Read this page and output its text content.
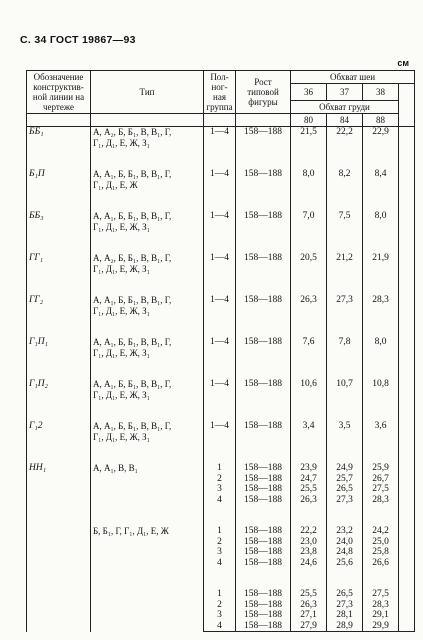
С. 34 ГОСТ 19867—93
см
Обозначение конструктив-ной линии на чертеже	Тип	Пол-ног-ная группа	Рост типовой фигуры	Обхват шеи			
				36	37	38	
				Обхват груди			
				80	84	88	
ББ₁	А, А₂, Б, Б₁, В, В₁, Г,
Г₁, Д₁, Е, Ж, З₁	1—4	158—188	21,5	22,2	22,9	

Б₁П	А, А₁, Б, Б₁, В, В₁, Г,
Г₁, Д₁, Е, Ж	1—4	158—188	8,0	8,2	8,4	

ББ₃	А, А₁, Б, Б₁, В, В₁, Г,
Г₁, Д₁, Е, Ж, З₁	1—4	158—188	7,0	7,5	8,0	

ГГ₁	А, А₂, Б, Б₁, В, В₁, Г,
Г₁, Д₁, Е, Ж, З₁	1—4	158—188	20,5	21,2	21,9	

ГГ₂	А, А₁, Б, Б₁, В, В₁, Г,
Г₁, Д₁, Е, Ж, З₁	1—4	158—188	26,3	27,3	28,3	

Г₁П₁	А, А₁, Б, Б₁, В, В₁, Г,
Г₁, Д₁, Е, Ж, З₁	1—4	158—188	7,6	7,8	8,0	

Г₁П₂	А, А₁, Б, Б₁, В, В₁, Г,
Г₁, Д₁, Е, Ж, З₁	1—4	158—188	10,6	10,7	10,8	

Г₁2	А, А₁, Б, Б₁, В, В₁, Г,
Г₁, Д₁, Е, Ж, З₁	1—4	158—188	3,4	3,5	3,6	

НН₁	А, А₁, В, В₁	1	158—188	23,9	24,9	25,9	
		2	158—188	24,7	25,7	26,7	
		3	158—188	25,5	26,5	27,5	
		4	158—188	26,3	27,3	28,3	

	Б, Б₁, Г, Г₁, Д₁, Е, Ж	1	158—188	22,2	23,2	24,2	
		2	158—188	23,0	24,0	25,0	
		3	158—188	23,8	24,8	25,8	
		4	158—188	24,6	25,6	26,6	

		1	158—188	25,5	26,5	27,5	
		2	158—188	26,3	27,3	28,3	
		3	158—188	27,1	28,1	29,1	
		4	158—188	27,9	28,9	29,9	
